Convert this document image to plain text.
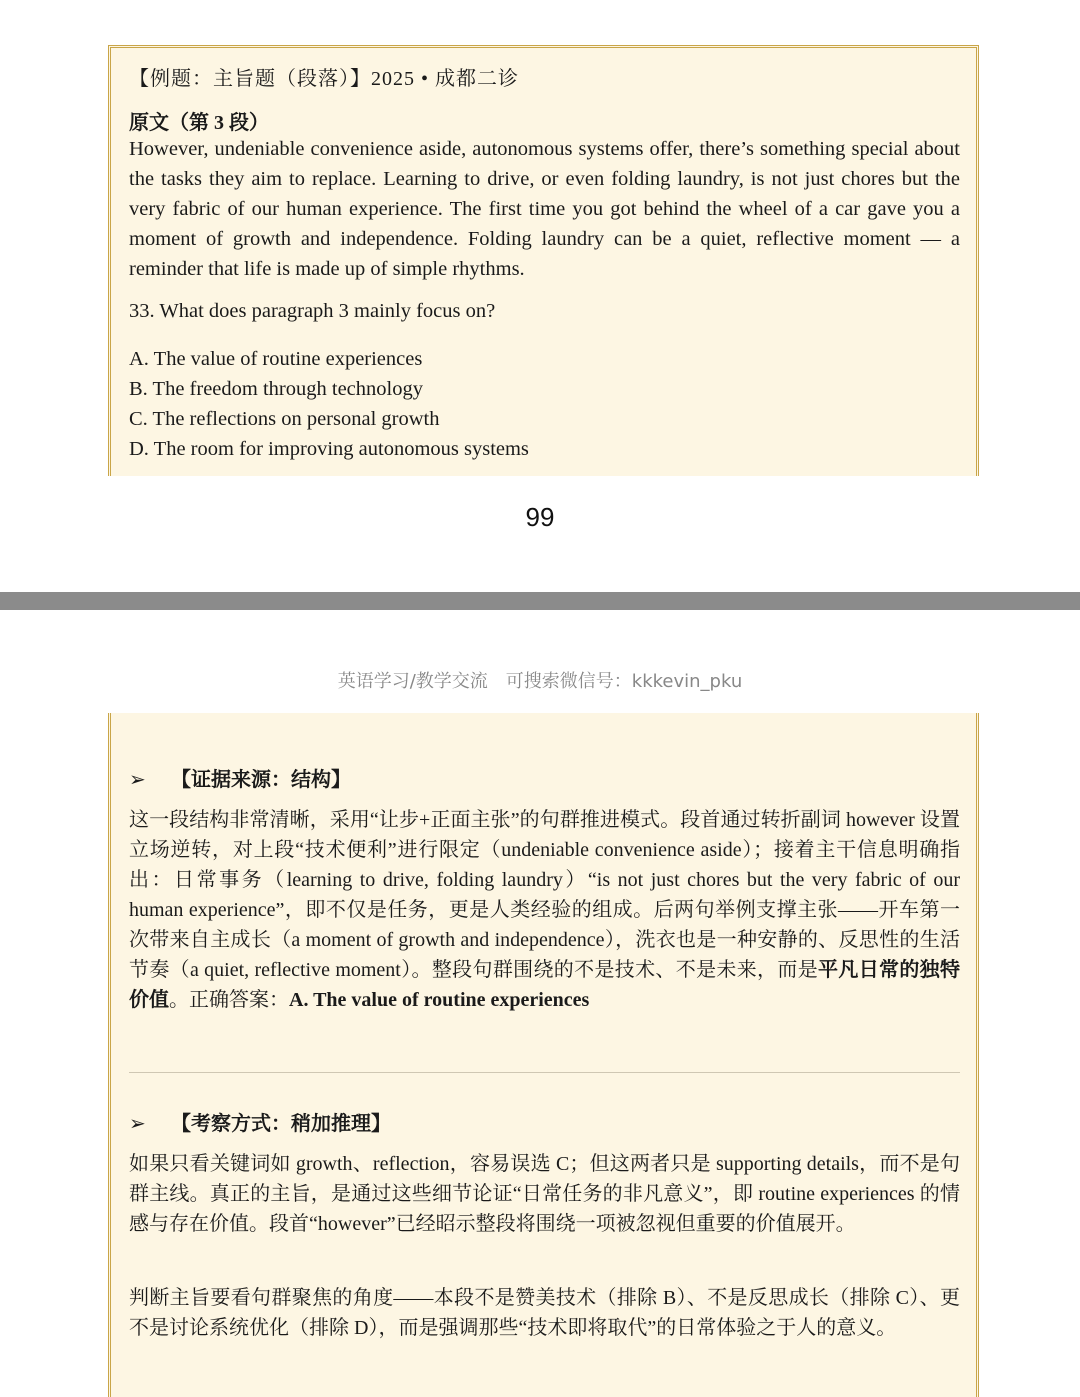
【例题：主旨题（段落）】2025 • 成都二诊
原文（第 3 段）
However, undeniable convenience aside, autonomous systems offer, there’s something special about the tasks they aim to replace. Learning to drive, or even folding laundry, is not just chores but the very fabric of our human experience. The first time you got behind the wheel of a car gave you a moment of growth and independence. Folding laundry can be a quiet, reflective moment — a reminder that life is made up of simple rhythms.
33. What does paragraph 3 mainly focus on?
A. The value of routine experiences
B. The freedom through technology
C. The reflections on personal growth
D. The room for improving autonomous systems
99
英语学习/教学交流　可搜索微信号：kkkevin_pku
➢ 【证据来源：结构】
这一段结构非常清晰，采用“让步+正面主张”的句群推进模式。段首通过转折副词 however 设置立场逆转，对上段“技术便利”进行限定（undeniable convenience aside）；接着主干信息明确指出：日常事务（learning to drive, folding laundry）“is not just chores but the very fabric of our human experience”，即不仅是任务，更是人类经验的组成。后两句举例支撑主张——开车第一次带来自主成长（a moment of growth and independence），洗衣也是一种安静的、反思性的生活节奏（a quiet, reflective moment）。整段句群围绕的不是技术、不是未来，而是平凡日常的独特价值。正确答案：A. The value of routine experiences
➢ 【考察方式：稍加推理】
如果只看关键词如 growth、reflection，容易误选 C；但这两者只是 supporting details，而不是句群主线。真正的主旨，是通过这些细节论证“日常任务的非凡意义”，即 routine experiences 的情感与存在价值。段首“however”已经昭示整段将围绕一项被忽视但重要的价值展开。
判断主旨要看句群聚焦的角度——本段不是赞美技术（排除 B）、不是反思成长（排除 C）、更不是讨论系统优化（排除 D），而是强调那些“技术即将取代”的日常体验之于人的意义。
